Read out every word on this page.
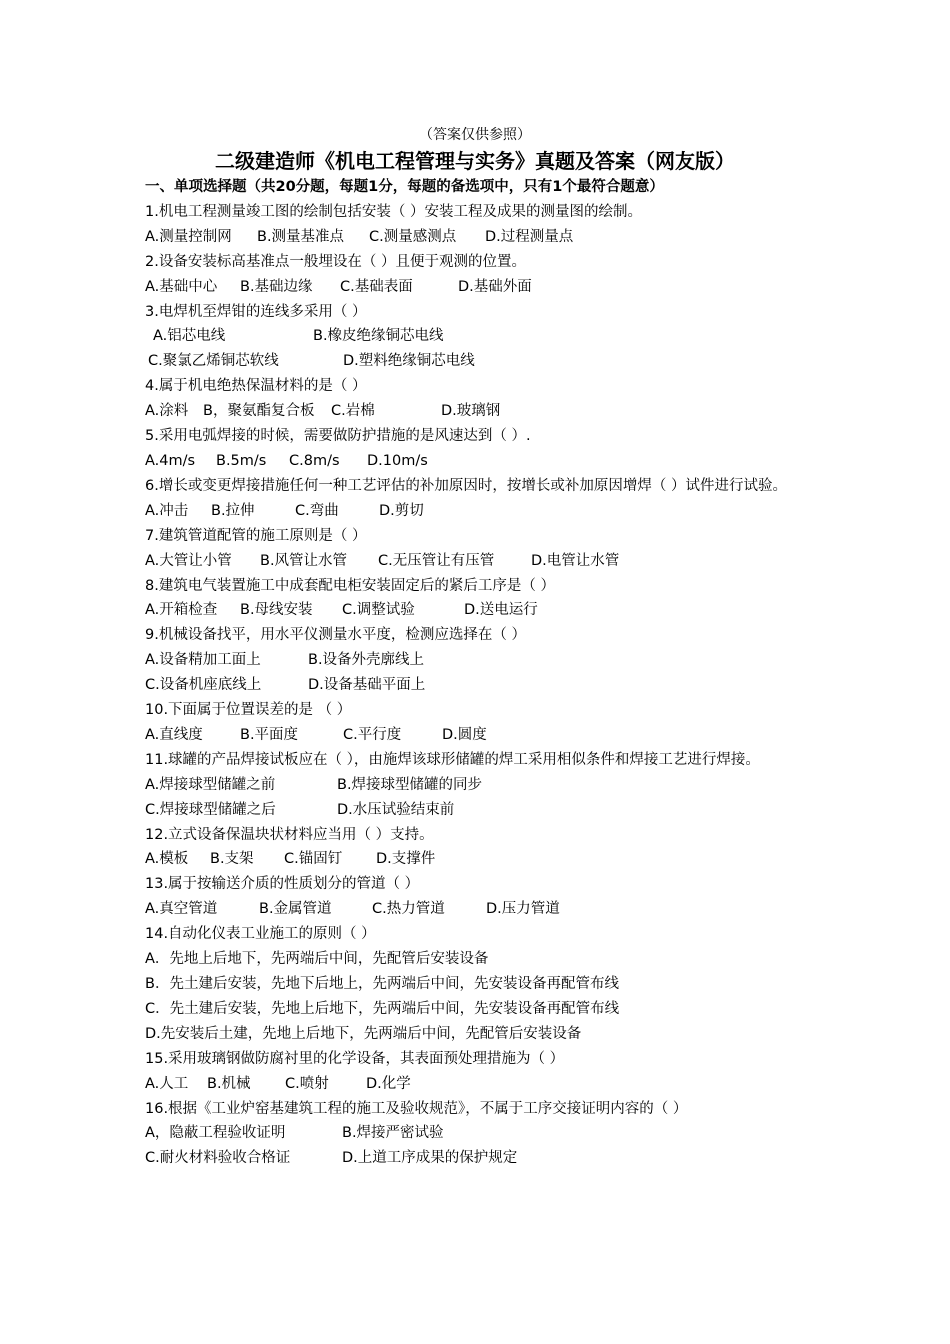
（答案仅供参照）
二级建造师《机电工程管理与实务》真题及答案（网友版）
一、单项选择题（共20分题，每题1分，每题的备选项中，只有1个最符合题意）
1.机电工程测量竣工图的绘制包括安装（ ）安装工程及成果的测量图的绘制。
A.测量控制网	B.测量基准点	C.测量感测点	D.过程测量点
2.设备安装标高基准点一般埋设在（ ）且便于观测的位置。
A.基础中心	B.基础边缘	C.基础表面	D.基础外面
3.电焊机至焊钳的连线多采用（ ）
A.铝芯电线	B.橡皮绝缘铜芯电线
C.聚氯乙烯铜芯软线	D.塑料绝缘铜芯电线
4.属于机电绝热保温材料的是（ ）
A.涂料	B，聚氨酯复合板	C.岩棉	D.玻璃钢
5.采用电弧焊接的时候，需要做防护措施的是风速达到（ ）.
A.4m/s	B.5m/s	C.8m/s	D.10m/s
6.增长或变更焊接措施任何一种工艺评估的补加原因时，按增长或补加原因增焊（ ）试件进行试验。
A.冲击	B.拉伸	C.弯曲	D.剪切
7.建筑管道配管的施工原则是（ ）
A.大管让小管	B.风管让水管	C.无压管让有压管	D.电管让水管
8.建筑电气装置施工中成套配电柜安装固定后的紧后工序是（ ）
A.开箱检查	B.母线安装	C.调整试验	D.送电运行
9.机械设备找平，用水平仪测量水平度，检测应选择在（ ）
A.设备精加工面上	B.设备外壳廓线上
C.设备机座底线上	D.设备基础平面上
10.下面属于位置误差的是 （ ）
A.直线度	B.平面度	C.平行度	D.圆度
11.球罐的产品焊接试板应在（ ），由施焊该球形储罐的焊工采用相似条件和焊接工艺进行焊接。
A.焊接球型储罐之前	B.焊接球型储罐的同步
C.焊接球型储罐之后	D.水压试验结束前
12.立式设备保温块状材料应当用（ ）支持。
A.模板	B.支架	C.锚固钉	D.支撑件
13.属于按输送介质的性质划分的管道（ ）
A.真空管道	B.金属管道	C.热力管道	D.压力管道
14.自动化仪表工业施工的原则（ ）
A．先地上后地下，先两端后中间，先配管后安装设备
B．先土建后安装，先地下后地上，先两端后中间，先安装设备再配管布线
C．先土建后安装，先地上后地下，先两端后中间，先安装设备再配管布线
D.先安装后土建，先地上后地下，先两端后中间，先配管后安装设备
15.采用玻璃钢做防腐衬里的化学设备，其表面预处理措施为（ ）
A.人工	B.机械	C.喷射	D.化学
16.根据《工业炉窑基建筑工程的施工及验收规范》，不属于工序交接证明内容的（ ）
A，隐蔽工程验收证明	B.焊接严密试验
C.耐火材料验收合格证	D.上道工序成果的保护规定
